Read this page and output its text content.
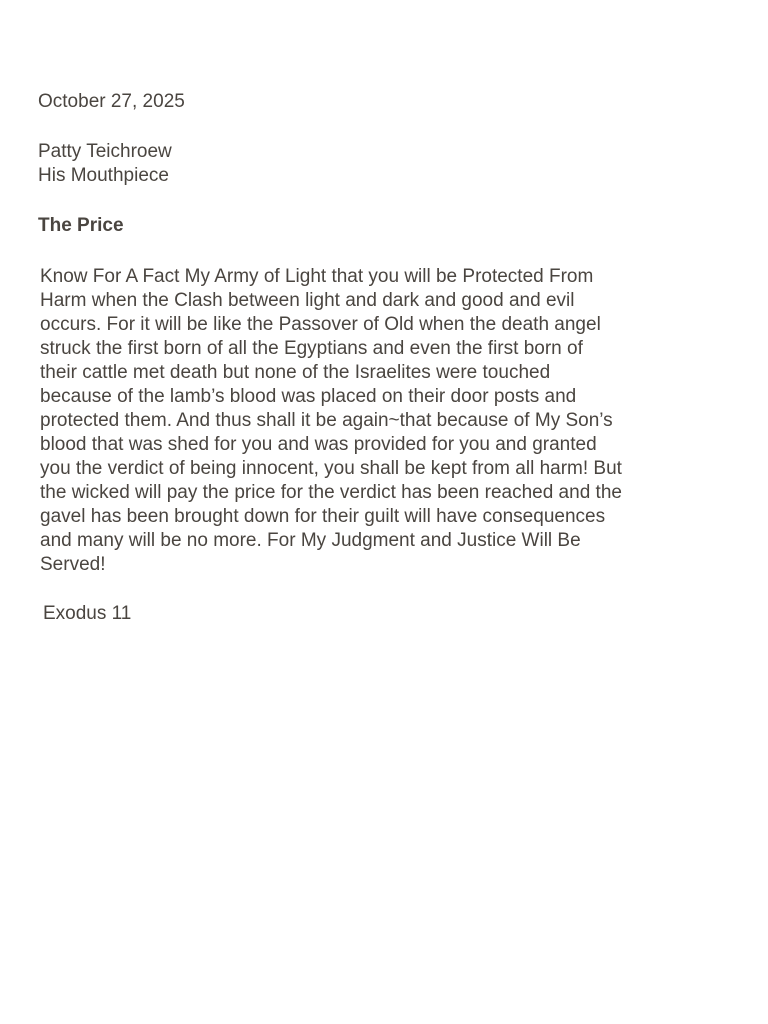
October 27, 2025
Patty Teichroew
His Mouthpiece
The Price
Know For A Fact My Army of Light that you will be Protected From
Harm when the Clash between light and dark and good and evil
occurs. For it will be like the Passover of Old when the death angel
struck the first born of all the Egyptians and even the first born of
their cattle met death but none of the Israelites were touched
because of the lamb’s blood was placed on their door posts and
protected them. And thus shall it be again~that because of My Son’s
blood that was shed for you and was provided for you and granted
you the verdict of being innocent, you shall be kept from all harm! But
the wicked will pay the price for the verdict has been reached and the
gavel has been brought down for their guilt will have consequences
and many will be no more. For My Judgment and Justice Will Be
Served!
Exodus 11
